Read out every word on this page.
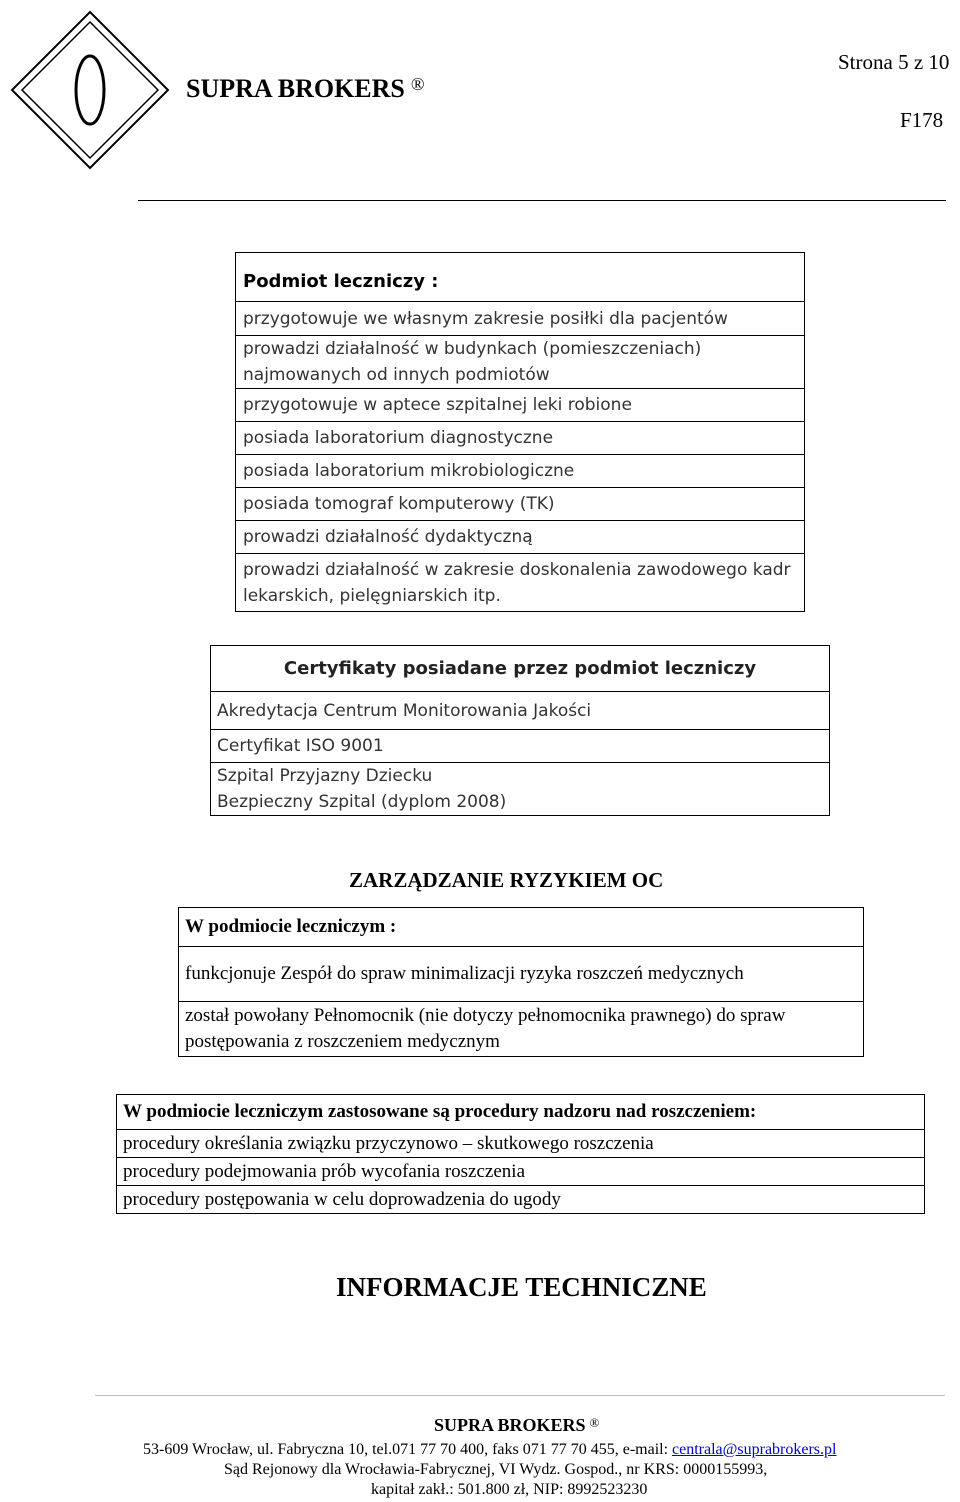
SUPRA BROKERS ®
Strona 5 z 10
F178
Podmiot leczniczy :
przygotowuje we własnym zakresie posiłki dla pacjentów
prowadzi działalność w budynkach (pomieszczeniach) najmowanych od innych podmiotów
przygotowuje w aptece szpitalnej leki robione
posiada laboratorium diagnostyczne
posiada laboratorium mikrobiologiczne
posiada tomograf komputerowy (TK)
prowadzi działalność dydaktyczną
prowadzi działalność w zakresie doskonalenia zawodowego kadr lekarskich, pielęgniarskich itp.
Certyfikaty posiadane przez podmiot leczniczy
Akredytacja Centrum Monitorowania Jakości
Certyfikat ISO 9001
Szpital Przyjazny Dziecku
Bezpieczny Szpital (dyplom 2008)
ZARZĄDZANIE RYZYKIEM OC
W podmiocie leczniczym :
funkcjonuje Zespół do spraw minimalizacji ryzyka roszczeń medycznych
został powołany Pełnomocnik (nie dotyczy pełnomocnika prawnego) do spraw postępowania z roszczeniem medycznym
W podmiocie leczniczym zastosowane są procedury nadzoru nad roszczeniem:
procedury określania związku przyczynowo – skutkowego roszczenia
procedury podejmowania prób wycofania roszczenia
procedury postępowania w celu doprowadzenia do ugody
INFORMACJE TECHNICZNE
SUPRA BROKERS ®
53-609 Wrocław, ul. Fabryczna 10, tel.071 77 70 400, faks 071 77 70 455, e-mail: centrala@suprabrokers.pl
Sąd Rejonowy dla Wrocławia-Fabrycznej, VI Wydz. Gospod., nr KRS: 0000155993,
kapitał zakł.: 501.800 zł, NIP: 8992523230
